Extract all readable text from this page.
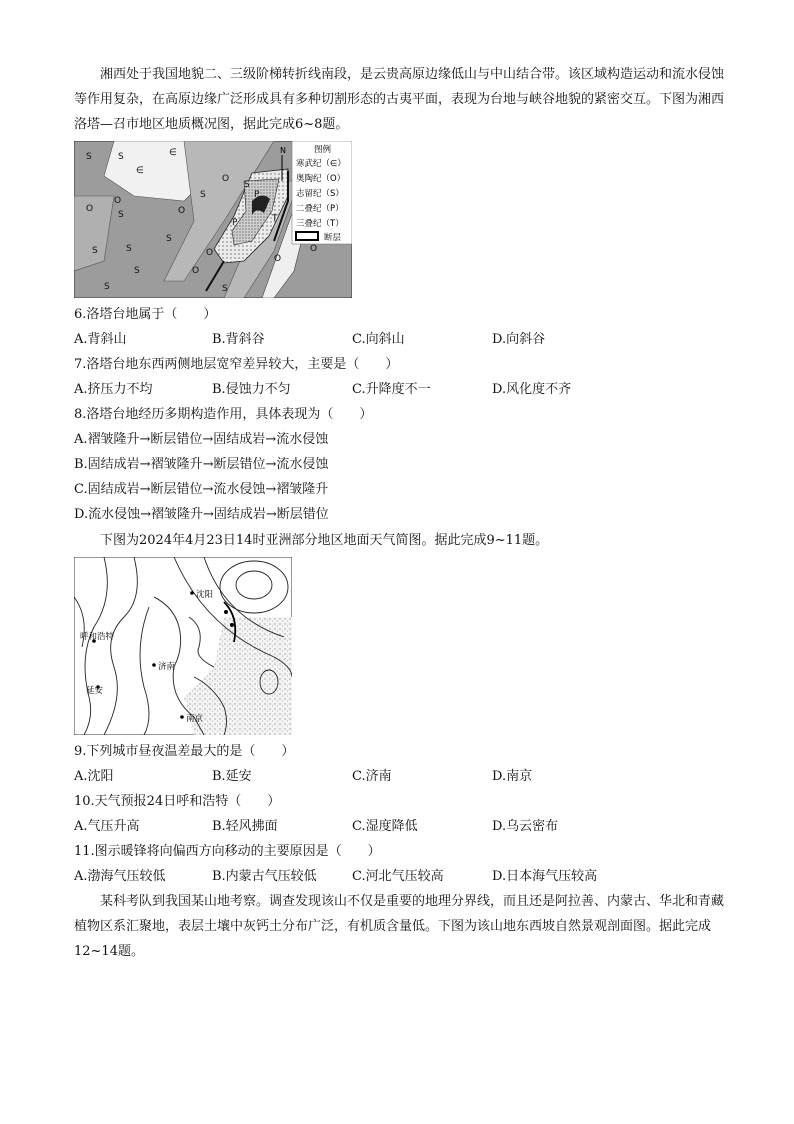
湘西处于我国地貌二、三级阶梯转折线南段，是云贵高原边缘低山与中山结合带。该区域构造运动和流水侵蚀等作用复杂，在高原边缘广泛形成具有多种切割形态的古夷平面，表现为台地与峡谷地貌的紧密交互。下图为湘西洛塔—召市地区地质概况图，据此完成6~8题。
N
S	S	∈
∈
O
O
S	O
O
S
S
P
P	T
S
S	S
S
S
O
O
O
O
S
图例
寒武纪（∈）
奥陶纪（O）
志留纪（S）
二叠纪（P）
三叠纪（T）
断层
6.洛塔台地属于（　　）
A.背斜山	B.背斜谷	C.向斜山	D.向斜谷
7.洛塔台地东西两侧地层宽窄差异较大，主要是（　　）
A.挤压力不均	B.侵蚀力不匀	C.升降度不一	D.风化度不齐
8.洛塔台地经历多期构造作用，具体表现为（　　）
A.褶皱隆升→断层错位→固结成岩→流水侵蚀
B.固结成岩→褶皱隆升→断层错位→流水侵蚀
C.固结成岩→断层错位→流水侵蚀→褶皱隆升
D.流水侵蚀→褶皱隆升→固结成岩→断层错位
下图为2024年4月23日14时亚洲部分地区地面天气简图。据此完成9~11题。
沈阳
呼和浩特
济南
延安
南京
9.下列城市昼夜温差最大的是（　　）
A.沈阳	B.延安	C.济南	D.南京
10.天气预报24日呼和浩特（　　）
A.气压升高	B.轻风拂面	C.湿度降低	D.乌云密布
11.图示暖锋将向偏西方向移动的主要原因是（　　）
A.渤海气压较低	B.内蒙古气压较低	C.河北气压较高	D.日本海气压较高
某科考队到我国某山地考察。调查发现该山不仅是重要的地理分界线，而且还是阿拉善、内蒙古、华北和青藏植物区系汇聚地，表层土壤中灰钙土分布广泛，有机质含量低。下图为该山地东西坡自然景观剖面图。据此完成12~14题。
